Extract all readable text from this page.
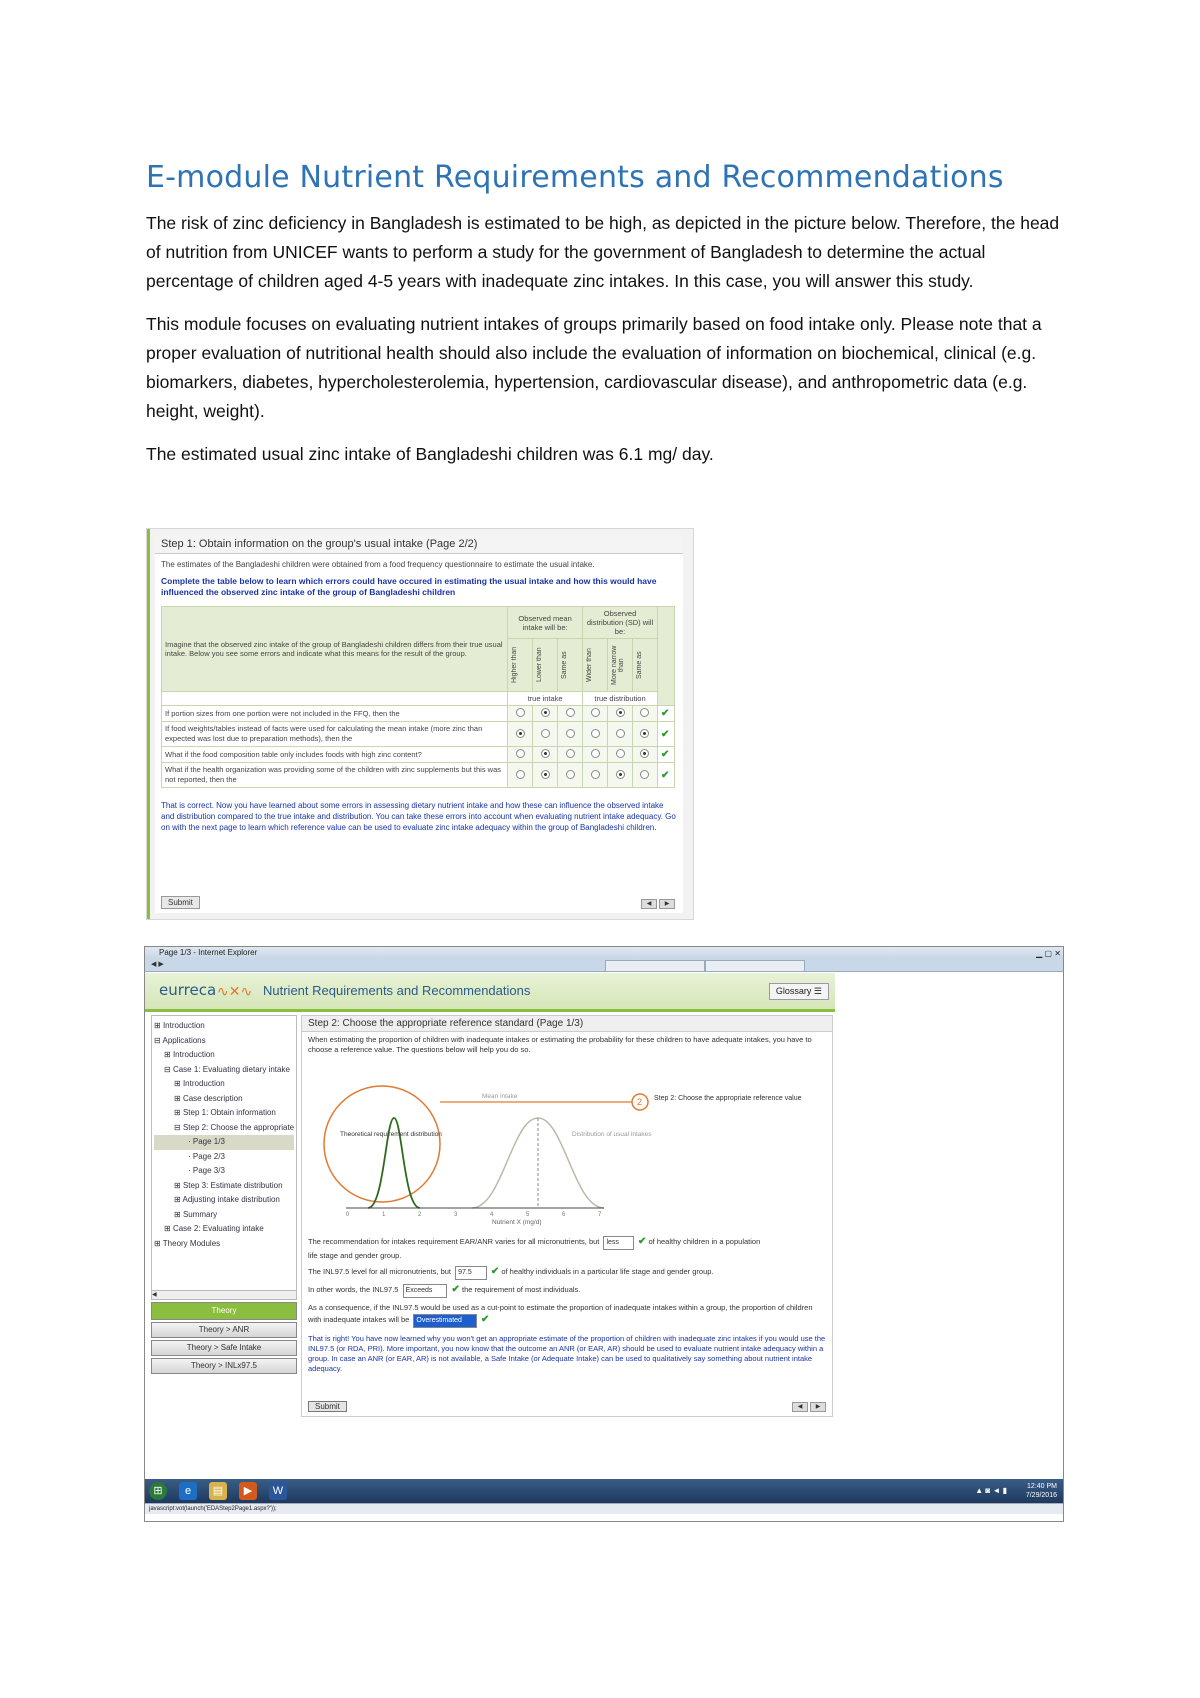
E-module Nutrient Requirements and Recommendations

The risk of zinc deficiency in Bangladesh is estimated to be high, as depicted in the picture below. Therefore, the head of nutrition from UNICEF wants to perform a study for the government of Bangladesh to determine the actual percentage of children aged 4-5 years with inadequate zinc intakes. In this case, you will answer this study.

This module focuses on evaluating nutrient intakes of groups primarily based on food intake only. Please note that a proper evaluation of nutritional health should also include the evaluation of information on biochemical, clinical (e.g. biomarkers, diabetes, hypercholesterolemia, hypertension, cardiovascular disease), and anthropometric data (e.g. height, weight).

The estimated usual zinc intake of Bangladeshi children was 6.1 mg/ day.

Step 1: Obtain information on the group's usual intake (Page 2/2)
The estimates of the Bangladeshi children were obtained from a food frequency questionnaire to estimate the usual intake.
Complete the table below to learn which errors could have occured in estimating the usual intake and how this would have influenced the observed zinc intake of the group of Bangladeshi children
Imagine that the observed zinc intake of the group of Bangladeshi children differs from their true usual intake. Below you see some errors and indicate what this means for the result of the group.	Observed mean intake will be:			Observed distribution (SD) will be:			

	Higher than	Lower than	Same as	Wider than	More narrow than	Same as	

	true intake			true distribution			
If portion sizes from one portion were not included in the FFQ, then the							✔
If food weights/tables instead of facts were used for calculating the mean intake (more zinc than expected was lost due to preparation methods), then the							✔
What if the food composition table only includes foods with high zinc content?							✔
What if the health organization was providing some of the children with zinc supplements but this was not reported, then the							✔
That is correct. Now you have learned about some errors in assessing dietary nutrient intake and how these can influence the observed intake and distribution compared to the true intake and distribution. You can take these errors into account when evaluating nutrient intake adequacy. Go on with the next page to learn which reference value can be used to evaluate zinc intake adequacy within the group of Bangladeshi children.
Submit	◀ ▶
Page 1/3 - Internet Explorer	▁ ▢ ✕
◀ ▶
eurreca ∿✕∿ Nutrient Requirements and Recommendations	Glossary ☰
⊞ Introduction
⊟ Applications
⊞ Introduction
⊟ Case 1: Evaluating dietary intake
⊞ Introduction
⊞ Case description
⊞ Step 1: Obtain information
⊟ Step 2: Choose the appropriate
· Page 1/3
· Page 2/3
· Page 3/3
⊞ Step 3: Estimate distribution
⊞ Adjusting intake distribution
⊞ Summary
⊞ Case 2: Evaluating intake
⊞ Theory Modules
◀
Theory
Theory > ANR
Theory > Safe Intake
Theory > INLx97.5
Step 2: Choose the appropriate reference standard (Page 1/3)
When estimating the proportion of children with inadequate intakes or estimating the probability for these children to have adequate intakes, you have to choose a reference value. The questions below will help you do so.
2 Step 2: Choose the appropriate reference value
Mean intake
Theoretical requirement distribution	Distribution of usual intakes
Nutrient X (mg/d)
0	1	2	3	4	5	6	7
The recommendation for intakes requirement EAR/ANR varies for all micronutrients, but less ✔ of healthy children in a population
life stage and gender group.
The INL97.5 level for all micronutrients, but 97.5 ✔ of healthy individuals in a particular life stage and gender group.
In other words, the INL97.5 Exceeds ✔ the requirement of most individuals.
As a consequence, if the INL97.5 would be used as a cut-point to estimate the proportion of inadequate intakes within a group, the proportion of children with inadequate intakes will be Overestimated ✔
That is right! You have now learned why you won't get an appropriate estimate of the proportion of children with inadequate zinc intakes if you would use the INL97.5 (or RDA, PRI). More important, you now know that the outcome an ANR (or EAR, AR) should be used to evaluate nutrient intake adequacy within a group. In case an ANR (or EAR, AR) is not available, a Safe Intake (or Adequate Intake) can be used to qualitatively say something about nutrient intake adequacy.
Submit	◀ ▶
⊞	e	▤	▶	W	▲ ◙ ◄ ▮	12:40 PM
7/29/2016
javascript:vot(launch('EDAStep2Page1.aspx?'));
